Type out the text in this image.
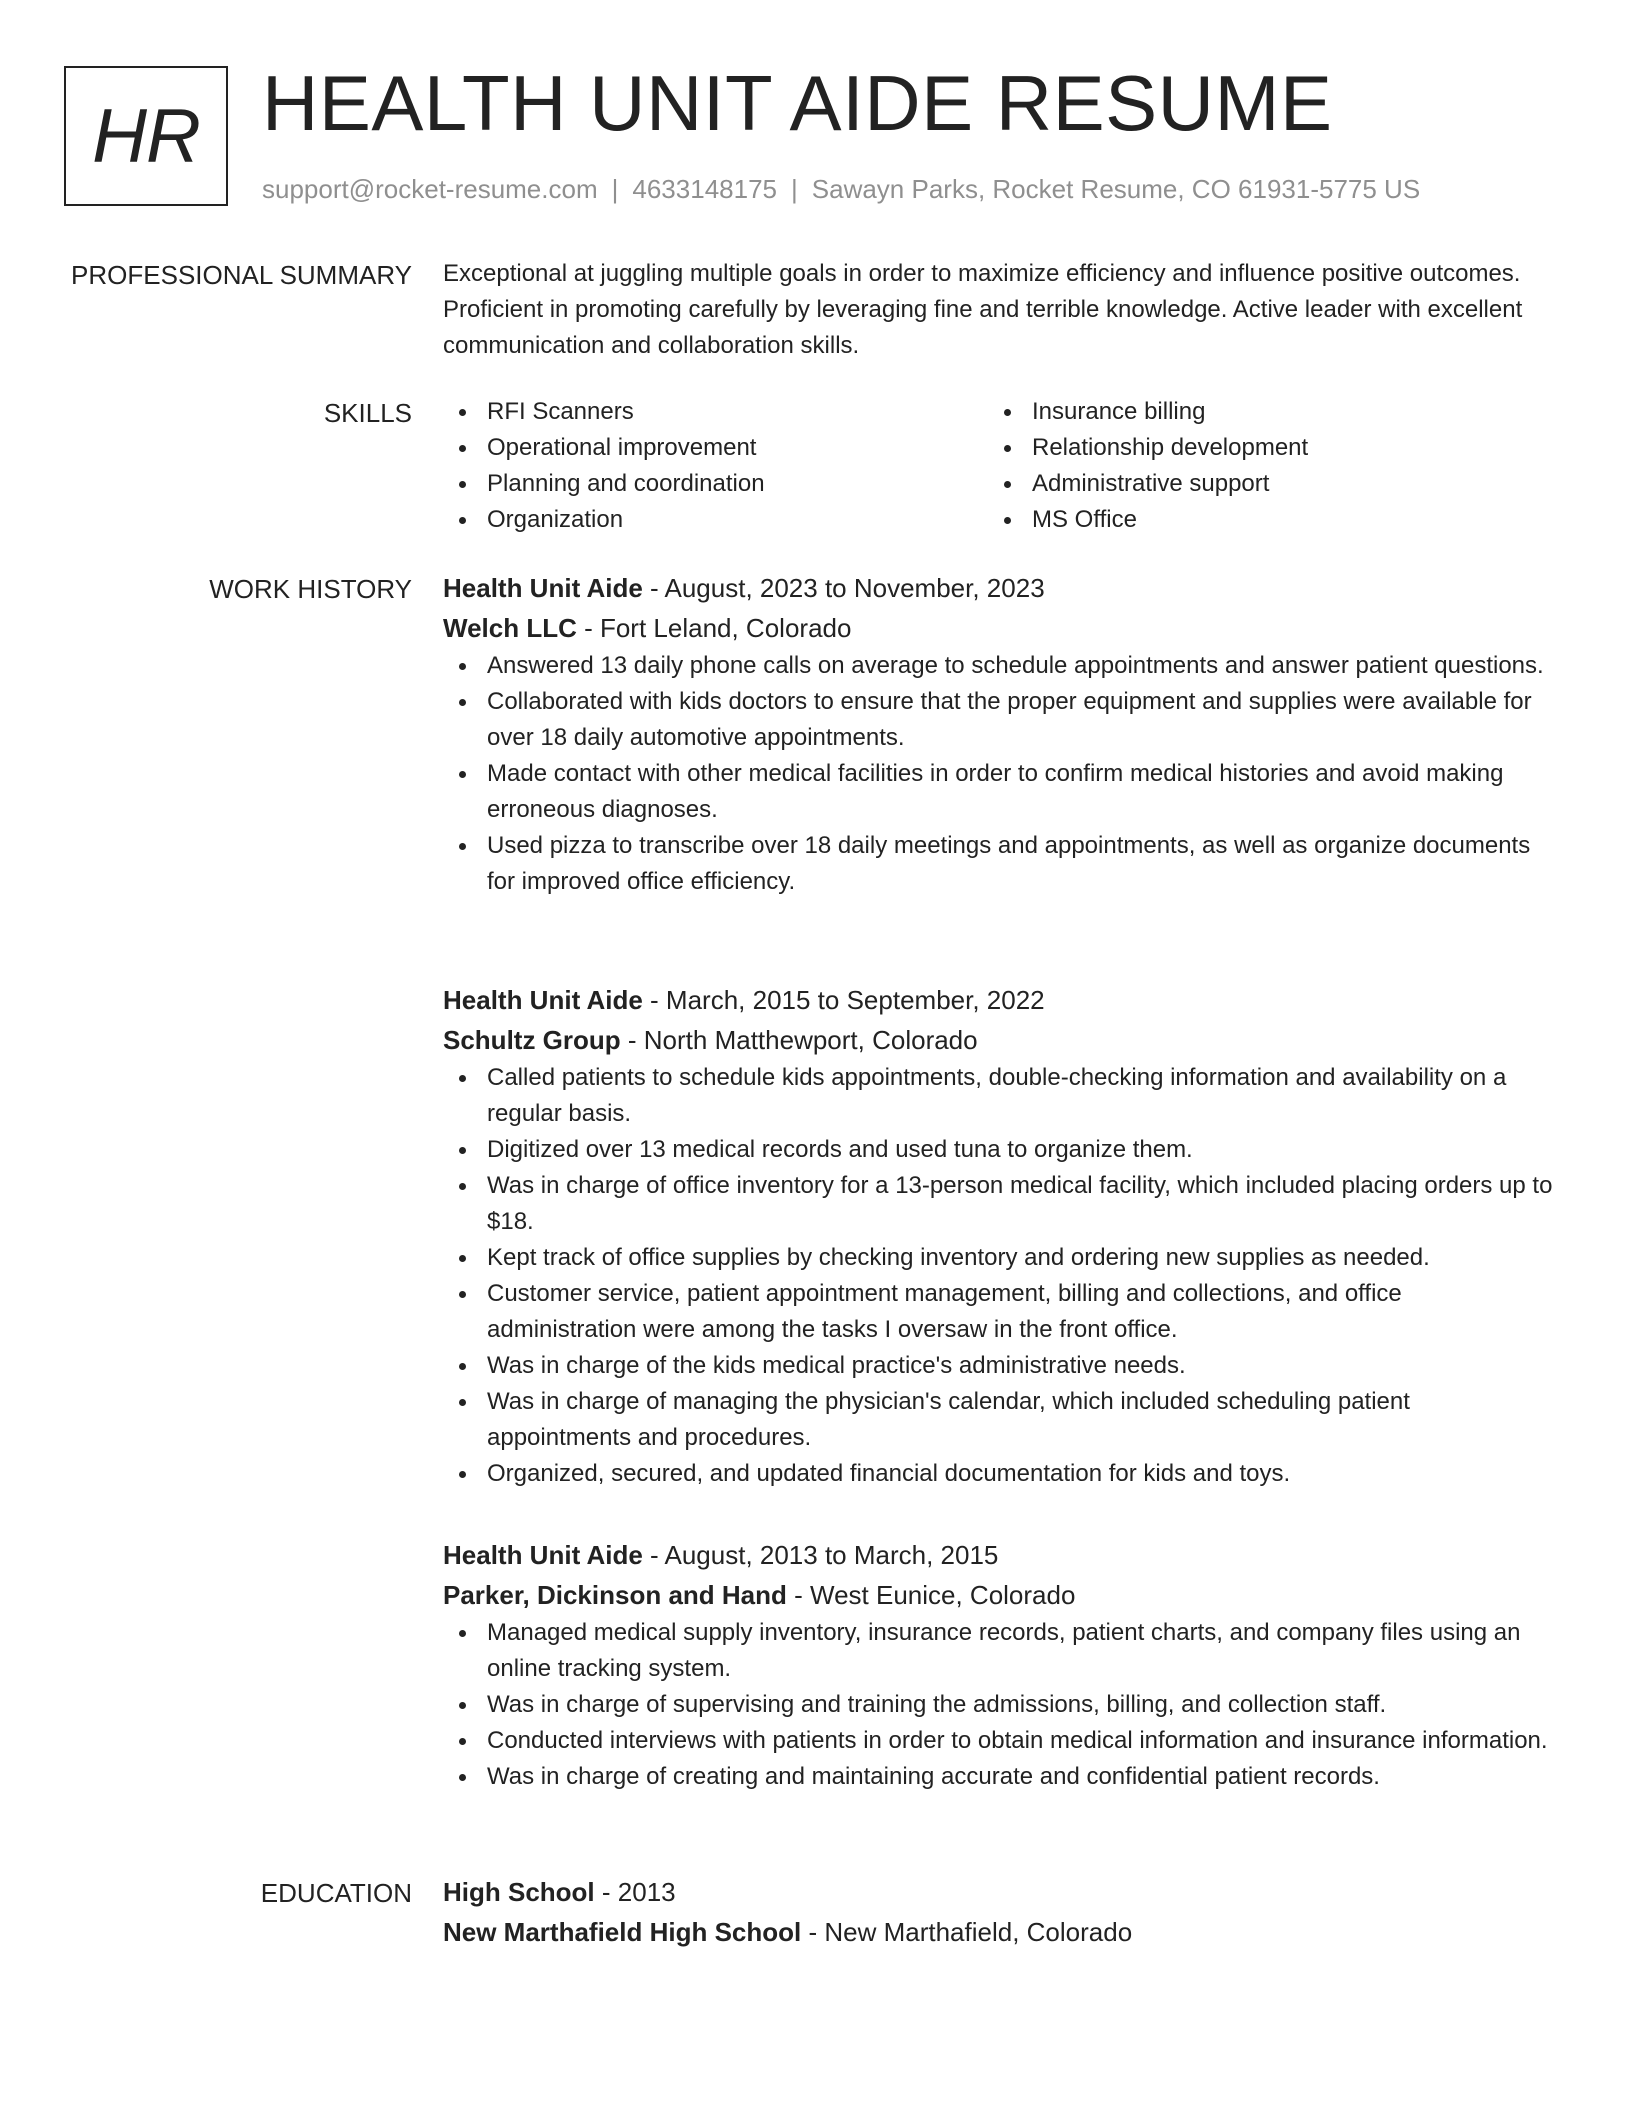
HR HEALTH UNIT AIDE RESUME
support@rocket-resume.com | 4633148175 | Sawayn Parks, Rocket Resume, CO 61931-5775 US
PROFESSIONAL SUMMARY Exceptional at juggling multiple goals in order to maximize efficiency and influence positive outcomes. Proficient in promoting carefully by leveraging fine and terrible knowledge. Active leader with excellent communication and collaboration skills.

SKILLS	RFI Scanners
Operational improvement
Planning and coordination
Organization
Insurance billing
Relationship development
Administrative support
MS Office
WORK HISTORY Health Unit Aide - August, 2023 to November, 2023
Welch LLC - Fort Leland, Colorado
Answered 13 daily phone calls on average to schedule appointments and answer patient questions.
Collaborated with kids doctors to ensure that the proper equipment and supplies were available for over 18 daily automotive appointments.
Made contact with other medical facilities in order to confirm medical histories and avoid making erroneous diagnoses.
Used pizza to transcribe over 18 daily meetings and appointments, as well as organize documents for improved office efficiency.
Health Unit Aide - March, 2015 to September, 2022
Schultz Group - North Matthewport, Colorado
Called patients to schedule kids appointments, double-checking information and availability on a regular basis.
Digitized over 13 medical records and used tuna to organize them.
Was in charge of office inventory for a 13-person medical facility, which included placing orders up to $18.
Kept track of office supplies by checking inventory and ordering new supplies as needed.
Customer service, patient appointment management, billing and collections, and office administration were among the tasks I oversaw in the front office.
Was in charge of the kids medical practice's administrative needs.
Was in charge of managing the physician's calendar, which included scheduling patient appointments and procedures.
Organized, secured, and updated financial documentation for kids and toys.
Health Unit Aide - August, 2013 to March, 2015
Parker, Dickinson and Hand - West Eunice, Colorado
Managed medical supply inventory, insurance records, patient charts, and company files using an online tracking system.
Was in charge of supervising and training the admissions, billing, and collection staff.
Conducted interviews with patients in order to obtain medical information and insurance information.
Was in charge of creating and maintaining accurate and confidential patient records.
EDUCATION High School - 2013
New Marthafield High School - New Marthafield, Colorado
